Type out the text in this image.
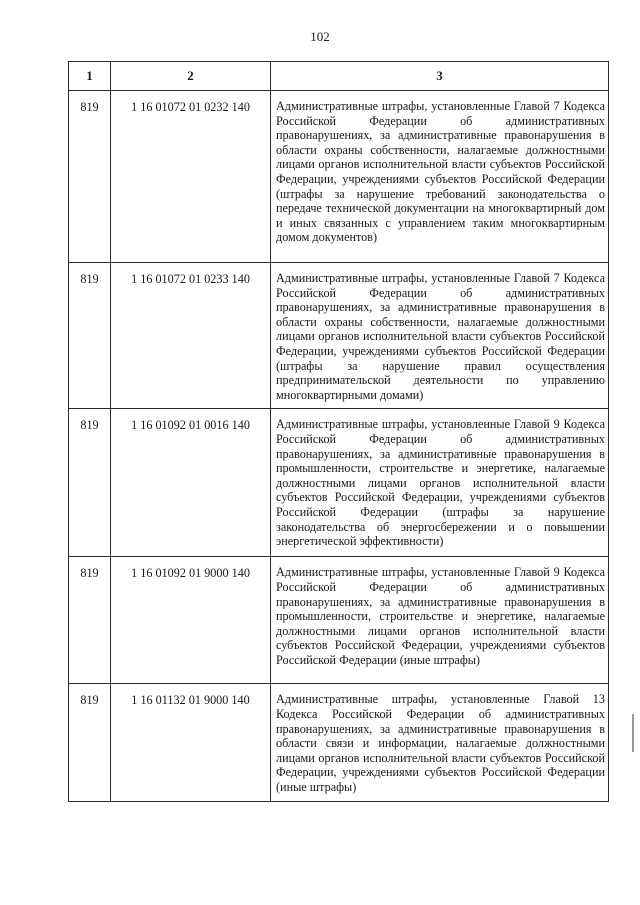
102
1	2	3
819	1 16 01072 01 0232 140	Административные штрафы, установленные Главой 7 Кодекса Российской Федерации об административных правонарушениях, за административные правонарушения в области охраны собственности, налагаемые должностными лицами органов исполнительной власти субъектов Российской Федерации, учреждениями субъектов Российской Федерации (штрафы за нарушение требований законодательства о передаче технической документации на многоквартирный дом и иных связанных с управлением таким многоквартирным домом документов)
819	1 16 01072 01 0233 140	Административные штрафы, установленные Главой 7 Кодекса Российской Федерации об административных правонарушениях, за административные правонарушения в области охраны собственности, налагаемые должностными лицами органов исполнительной власти субъектов Российской Федерации, учреждениями субъектов Российской Федерации (штрафы за нарушение правил осуществления предпринимательской деятельности по управлению многоквартирными домами)
819	1 16 01092 01 0016 140	Административные штрафы, установленные Главой 9 Кодекса Российской Федерации об административных правонарушениях, за административные правонарушения в промышленности, строительстве и энергетике, налагаемые должностными лицами органов исполнительной власти субъектов Российской Федерации, учреждениями субъектов Российской Федерации (штрафы за нарушение законодательства об энергосбережении и о повышении энергетической эффективности)
819	1 16 01092 01 9000 140	Административные штрафы, установленные Главой 9 Кодекса Российской Федерации об административных правонарушениях, за административные правонарушения в промышленности, строительстве и энергетике, налагаемые должностными лицами органов исполнительной власти субъектов Российской Федерации, учреждениями субъектов Российской Федерации (иные штрафы)
819	1 16 01132 01 9000 140	Административные штрафы, установленные Главой 13 Кодекса Российской Федерации об административных правонарушениях, за административные правонарушения в области связи и информации, налагаемые должностными лицами органов исполнительной власти субъектов Российской Федерации, учреждениями субъектов Российской Федерации (иные штрафы)
